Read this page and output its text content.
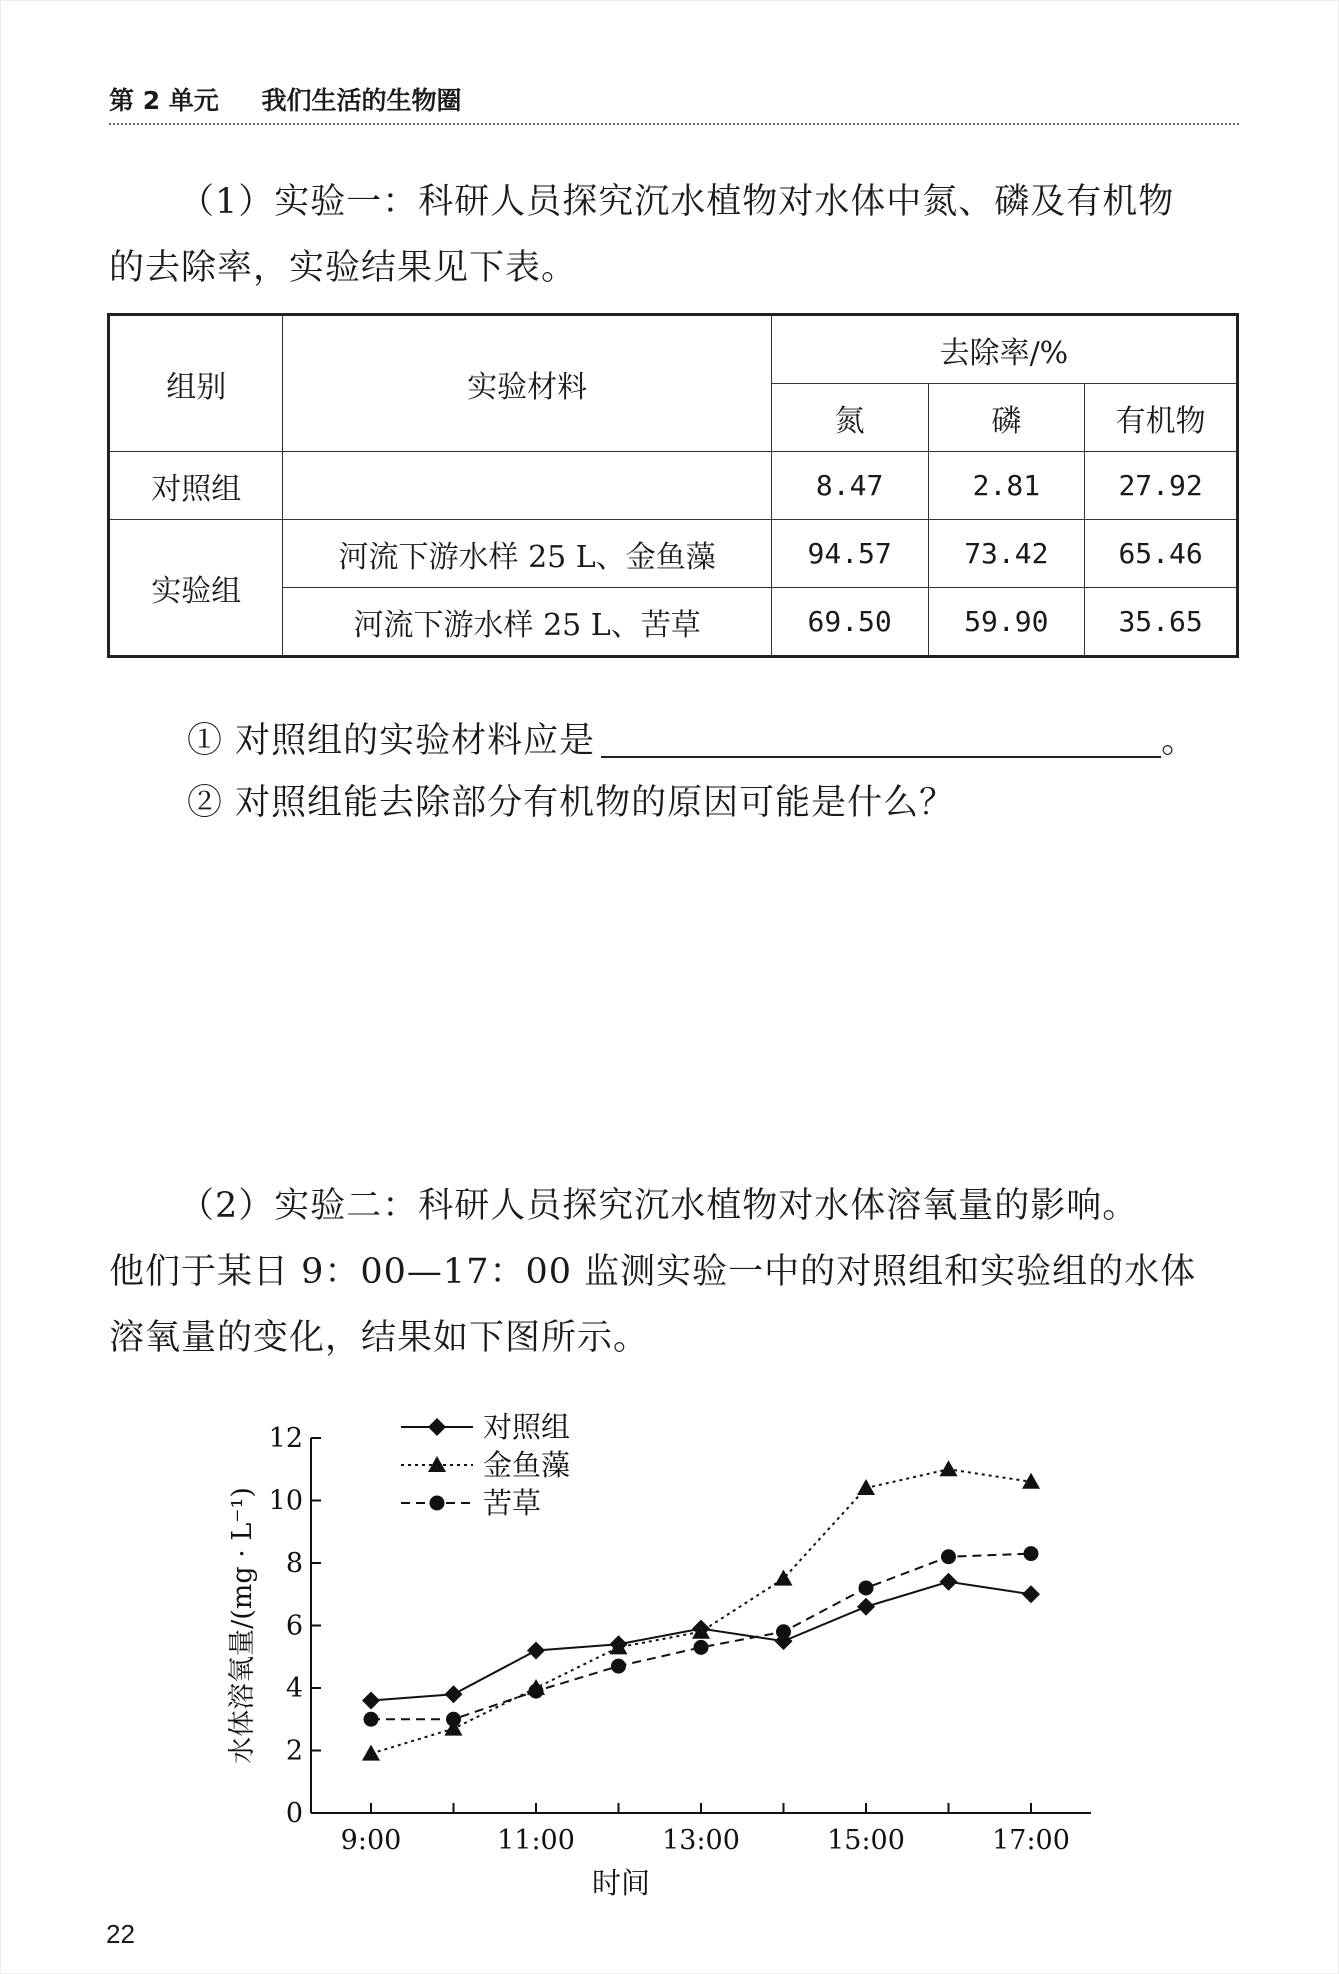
第 2 单元 我们生活的生物圈
（1）实验一：科研人员探究沉水植物对水体中氮、磷及有机物
的去除率，实验结果见下表。
组别	实验材料	去除率/%		
		氮	磷	有机物
对照组		8.47	2.81	27.92
实验组	河流下游水样 25 L、金鱼藻	94.57	73.42	65.46
	河流下游水样 25 L、苦草	69.50	59.90	35.65
① 对照组的实验材料应是	。
② 对照组能去除部分有机物的原因可能是什么？
（2）实验二：科研人员探究沉水植物对水体溶氧量的影响。
他们于某日 9：00—17：00 监测实验一中的对照组和实验组的水体
溶氧量的变化，结果如下图所示。
0
2
4
6
8
10
12
9:00	11:00	13:00	15:00	17:00
时间
水体溶氧量/(mg · L⁻¹)
对照组
金鱼藻
苦草
22
